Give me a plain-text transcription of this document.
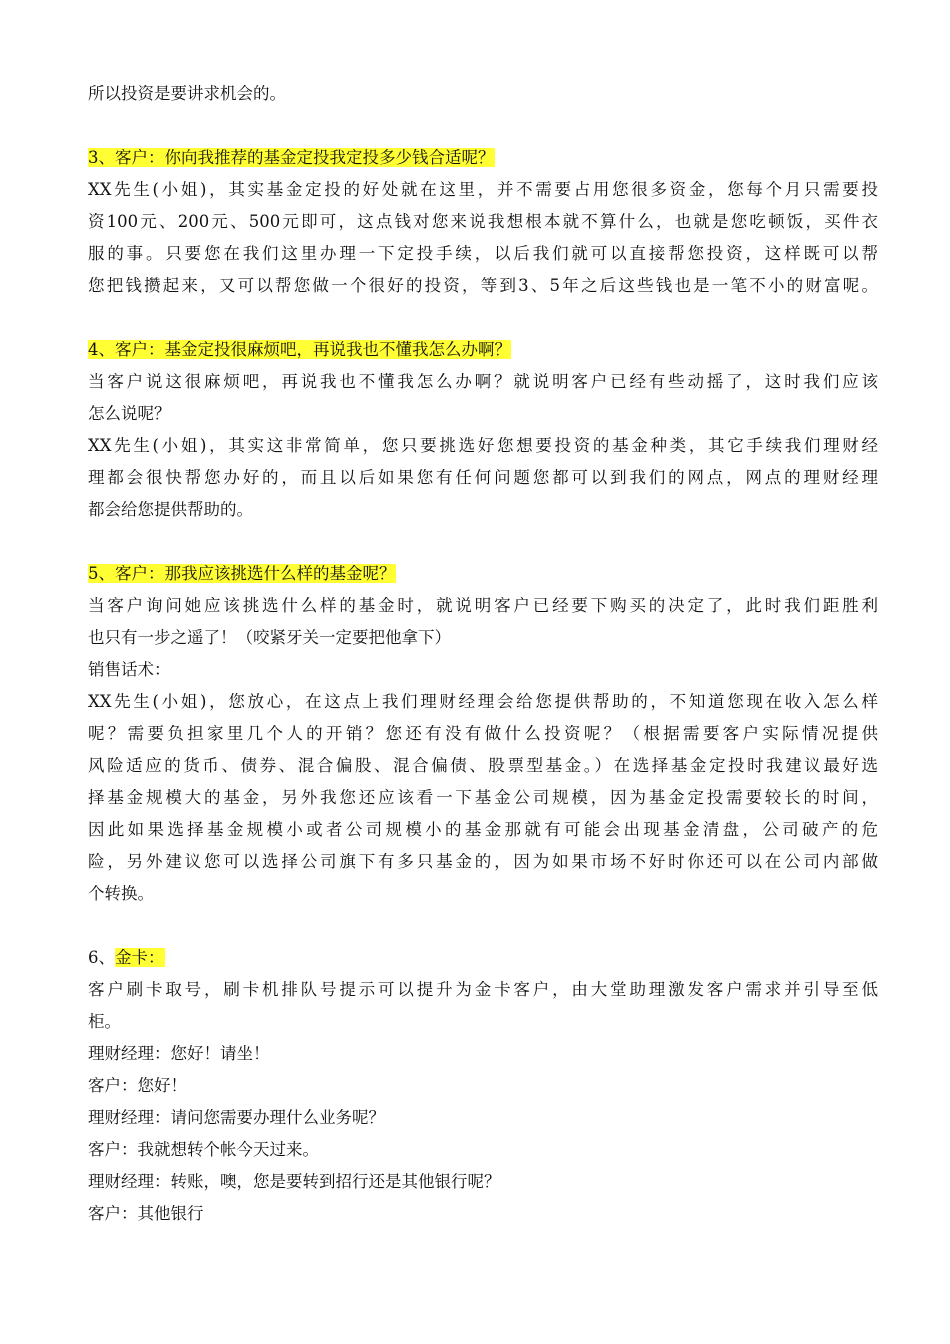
所以投资是要讲求机会的。
3、客户：你向我推荐的基金定投我定投多少钱合适呢？
XX先生(小姐)，其实基金定投的好处就在这里，并不需要占用您很多资金，您每个月只需要投
资100元、200元、500元即可，这点钱对您来说我想根本就不算什么，也就是您吃顿饭，买件衣
服的事。只要您在我们这里办理一下定投手续，以后我们就可以直接帮您投资，这样既可以帮
您把钱攒起来，又可以帮您做一个很好的投资，等到3、5年之后这些钱也是一笔不小的财富呢。
4、客户：基金定投很麻烦吧，再说我也不懂我怎么办啊？
当客户说这很麻烦吧，再说我也不懂我怎么办啊？就说明客户已经有些动摇了，这时我们应该
怎么说呢？
XX先生(小姐)，其实这非常简单，您只要挑选好您想要投资的基金种类，其它手续我们理财经
理都会很快帮您办好的，而且以后如果您有任何问题您都可以到我们的网点，网点的理财经理
都会给您提供帮助的。
5、客户：那我应该挑选什么样的基金呢？
当客户询问她应该挑选什么样的基金时，就说明客户已经要下购买的决定了，此时我们距胜利
也只有一步之遥了！（咬紧牙关一定要把他拿下）
销售话术：
XX先生(小姐)，您放心，在这点上我们理财经理会给您提供帮助的，不知道您现在收入怎么样
呢？需要负担家里几个人的开销？您还有没有做什么投资呢？（根据需要客户实际情况提供
风险适应的货币、债券、混合偏股、混合偏债、股票型基金。）在选择基金定投时我建议最好选
择基金规模大的基金，另外我您还应该看一下基金公司规模，因为基金定投需要较长的时间，
因此如果选择基金规模小或者公司规模小的基金那就有可能会出现基金清盘，公司破产的危
险，另外建议您可以选择公司旗下有多只基金的，因为如果市场不好时你还可以在公司内部做
个转换。
6、金卡：
客户刷卡取号，刷卡机排队号提示可以提升为金卡客户，由大堂助理激发客户需求并引导至低
柜。
理财经理：您好！请坐！
客户：您好！
理财经理：请问您需要办理什么业务呢？
客户：我就想转个帐今天过来。
理财经理：转账，噢，您是要转到招行还是其他银行呢？
客户：其他银行
